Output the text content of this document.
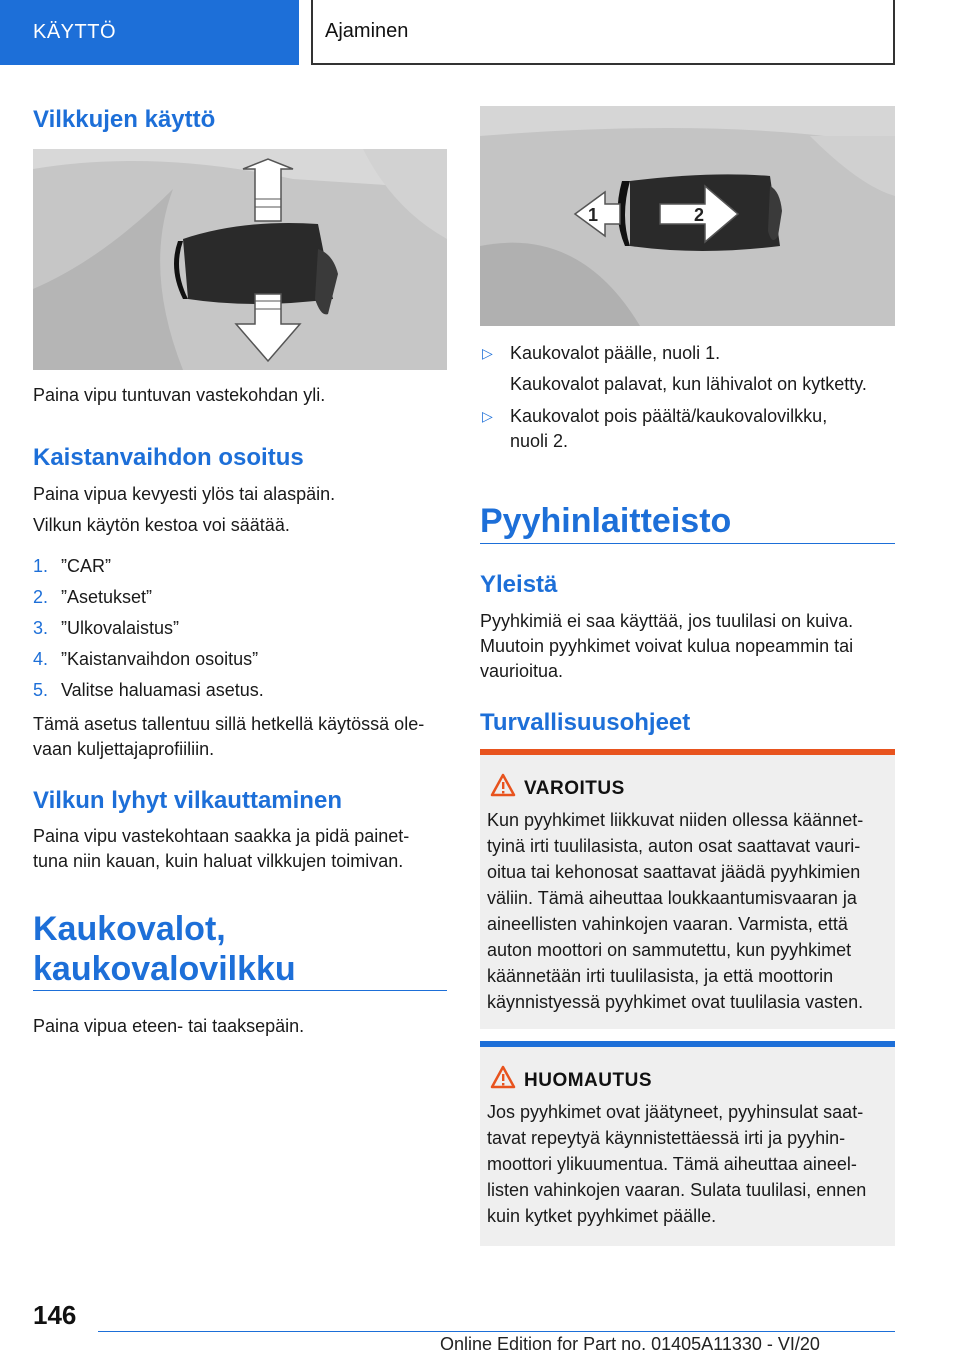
KÄYTTÖ	Ajaminen
Vilkkujen käyttö
Paina vipu tuntuvan vastekohdan yli.
Kaistanvaihdon osoitus
Paina vipua kevyesti ylös tai alaspäin.
Vilkun käytön kestoa voi säätää.
1. ”CAR”
2. ”Asetukset”
3. ”Ulkovalaistus”
4. ”Kaistanvaihdon osoitus”
5. Valitse haluamasi asetus.
Tämä asetus tallentuu sillä hetkellä käytössä ole-
vaan kuljettajaprofiiliin.
Vilkun lyhyt vilkauttaminen
Paina vipu vastekohtaan saakka ja pidä painet-
tuna niin kauan, kuin haluat vilkkujen toimivan.
Kaukovalot,
kaukovalovilkku
Paina vipua eteen- tai taaksepäin.
1	2
▷ Kaukovalot päälle, nuoli 1.
Kaukovalot palavat, kun lähivalot on kytketty.
▷ Kaukovalot pois päältä/kaukovalovilkku,
nuoli 2.
Pyyhinlaitteisto
Yleistä
Pyyhkimiä ei saa käyttää, jos tuulilasi on kuiva.
Muutoin pyyhkimet voivat kulua nopeammin tai
vaurioitua.
Turvallisuusohjeet
VAROITUS
Kun pyyhkimet liikkuvat niiden ollessa käännet-
tyinä irti tuulilasista, auton osat saattavat vauri-
oitua tai kehonosat saattavat jäädä pyyhkimien
väliin. Tämä aiheuttaa loukkaantumisvaaran ja
aineellisten vahinkojen vaaran. Varmista, että
auton moottori on sammutettu, kun pyyhkimet
käännetään irti tuulilasista, ja että moottorin
käynnistyessä pyyhkimet ovat tuulilasia vasten.
HUOMAUTUS
Jos pyyhkimet ovat jäätyneet, pyyhinsulat saat-
tavat repeytyä käynnistettäessä irti ja pyyhin-
moottori ylikuumentua. Tämä aiheuttaa aineel-
listen vahinkojen vaaran. Sulata tuulilasi, ennen
kuin kytket pyyhkimet päälle.
146
Online Edition for Part no. 01405A11330 - VI/20
